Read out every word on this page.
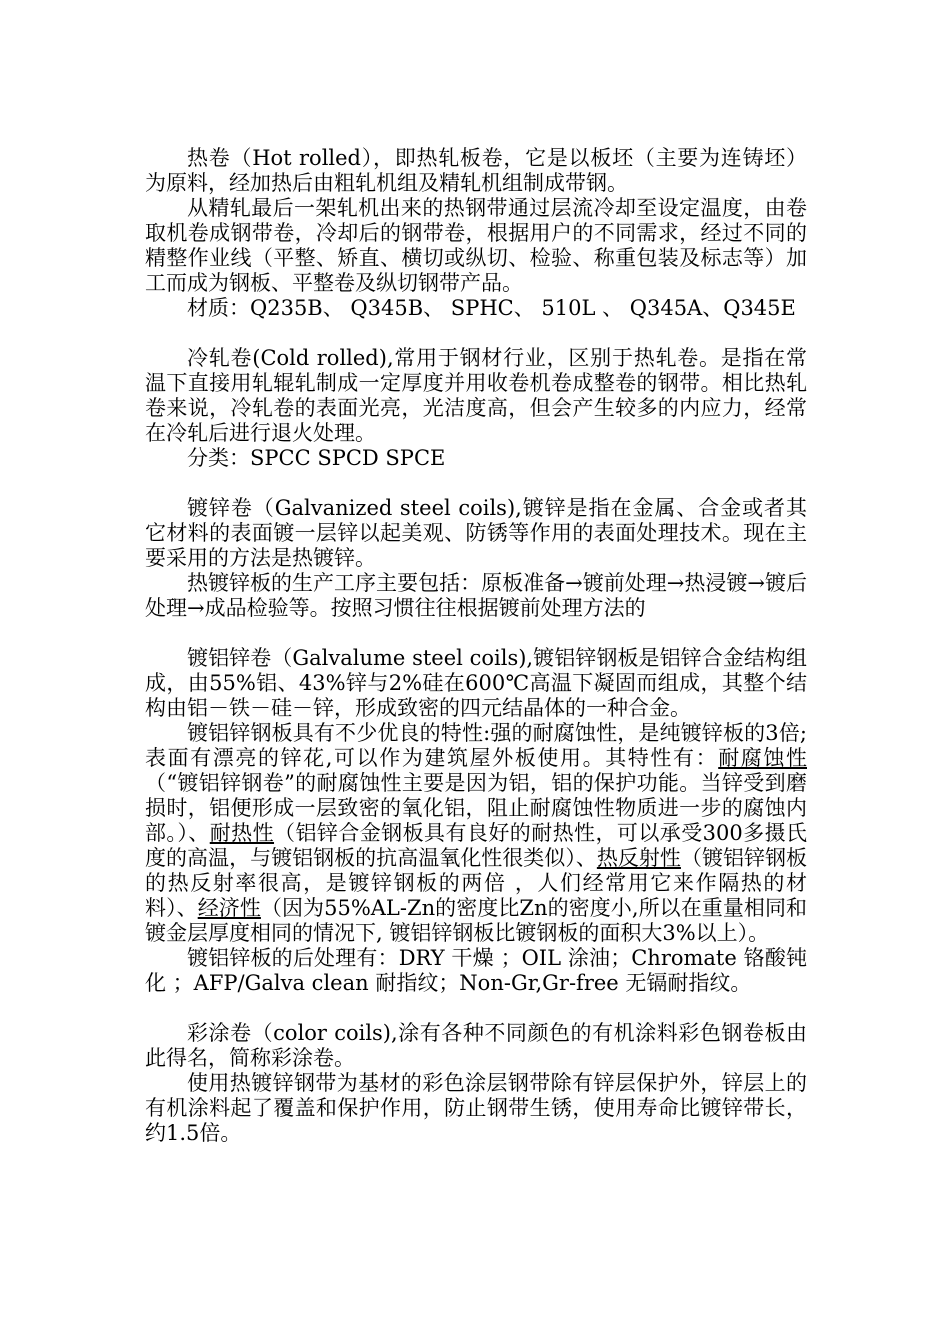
热卷（Hot rolled），即热轧板卷，它是以板坯（主要为连铸坯）为原料，经加热后由粗轧机组及精轧机组制成带钢。

从精轧最后一架轧机出来的热钢带通过层流冷却至设定温度，由卷取机卷成钢带卷，冷却后的钢带卷，根据用户的不同需求，经过不同的精整作业线（平整、矫直、横切或纵切、检验、称重包装及标志等）加工而成为钢板、平整卷及纵切钢带产品。

材质：Q235B、 Q345B、 SPHC、 510L 、 Q345A、Q345E

冷轧卷(Cold rolled),常用于钢材行业，区别于热轧卷。是指在常温下直接用轧辊轧制成一定厚度并用收卷机卷成整卷的钢带。相比热轧卷来说，冷轧卷的表面光亮，光洁度高，但会产生较多的内应力，经常在冷轧后进行退火处理。

分类：SPCC SPCD SPCE

镀锌卷（Galvanized steel coils),镀锌是指在金属、合金或者其它材料的表面镀一层锌以起美观、防锈等作用的表面处理技术。现在主要采用的方法是热镀锌。

热镀锌板的生产工序主要包括：原板准备→镀前处理→热浸镀→镀后处理→成品检验等。按照习惯往往根据镀前处理方法的

镀铝锌卷（Galvalume steel coils),镀铝锌钢板是铝锌合金结构组成，由55%铝、43%锌与2%硅在600℃高温下凝固而组成，其整个结构由铝－铁－硅－锌，形成致密的四元结晶体的一种合金。

镀铝锌钢板具有不少优良的特性:强的耐腐蚀性，是纯镀锌板的3倍;表面有漂亮的锌花,可以作为建筑屋外板使用。其特性有：耐腐蚀性（“镀铝锌钢卷”的耐腐蚀性主要是因为铝，铝的保护功能。当锌受到磨损时，铝便形成一层致密的氧化铝，阻止耐腐蚀性物质进一步的腐蚀内部。）、耐热性（铝锌合金钢板具有良好的耐热性，可以承受300多摄氏度的高温，与镀铝钢板的抗高温氧化性很类似）、热反射性（镀铝锌钢板的热反射率很高，是镀锌钢板的两倍 ，人们经常用它来作隔热的材料）、经济性（因为55%AL-Zn的密度比Zn的密度小,所以在重量相同和镀金层厚度相同的情况下, 镀铝锌钢板比镀钢板的面积大3%以上）。

镀铝锌板的后处理有：DRY 干燥 ；OIL 涂油；Chromate 铬酸钝化 ；AFP/Galva clean 耐指纹；Non-Gr,Gr-free 无镉耐指纹。

彩涂卷（color coils),涂有各种不同颜色的有机涂料彩色钢卷板由此得名，简称彩涂卷。

使用热镀锌钢带为基材的彩色涂层钢带除有锌层保护外，锌层上的有机涂料起了覆盖和保护作用，防止钢带生锈，使用寿命比镀锌带长，约1.5倍。
